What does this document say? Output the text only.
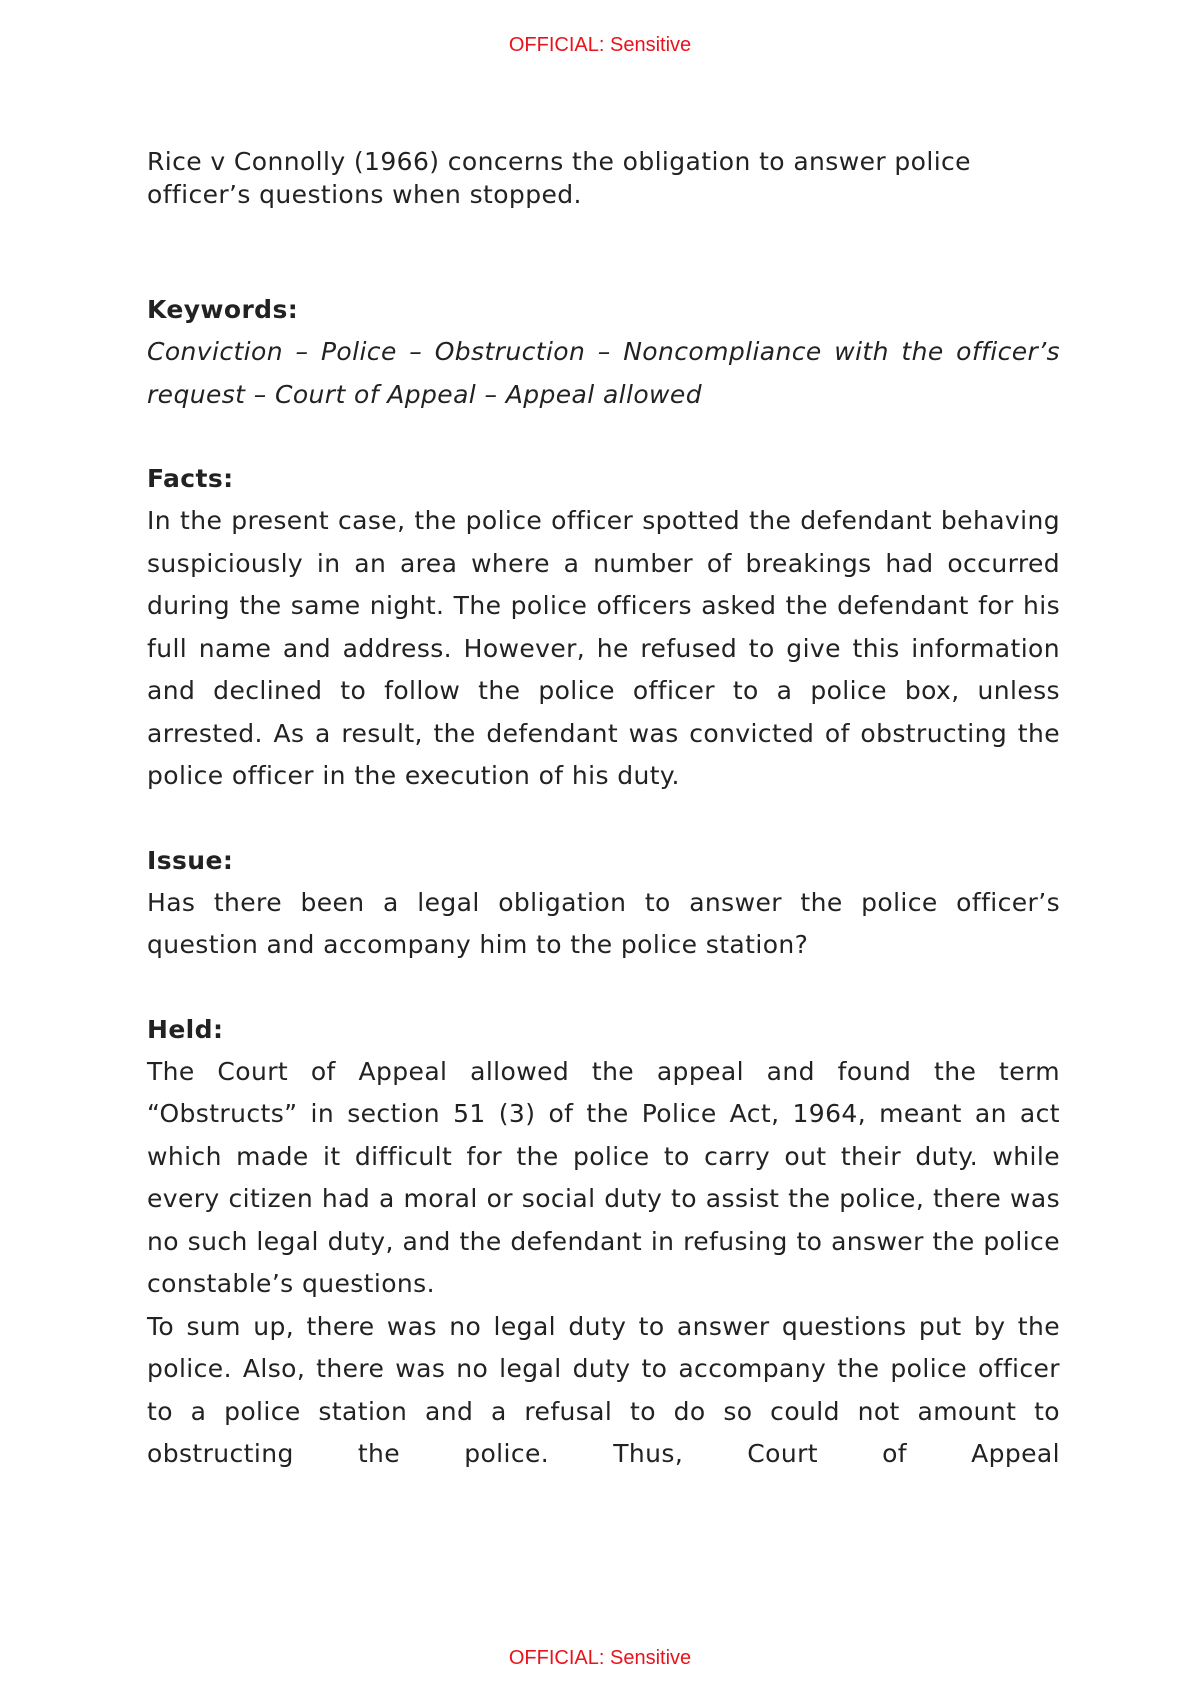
OFFICIAL: Sensitive

Rice v Connolly (1966) concerns the obligation to answer police officer’s questions when stopped.

Keywords:

Conviction – Police – Obstruction – Noncompliance with the officer’s request – Court of Appeal – Appeal allowed

Facts:

In the present case, the police officer spotted the defendant behaving suspiciously in an area where a number of breakings had occurred during the same night. The police officers asked the defendant for his full name and address. However, he refused to give this information and declined to follow the police officer to a police box, unless arrested. As a result, the defendant was convicted of obstructing the police officer in the execution of his duty.

Issue:

Has there been a legal obligation to answer the police officer’s question and accompany him to the police station?

Held:

The Court of Appeal allowed the appeal and found the term “Obstructs” in section 51 (3) of the Police Act, 1964, meant an act which made it difficult for the police to carry out their duty. while every citizen had a moral or social duty to assist the police, there was no such legal duty, and the defendant in refusing to answer the police constable’s questions.

To sum up, there was no legal duty to answer questions put by the police. Also, there was no legal duty to accompany the police officer to a police station and a refusal to do so could not amount to obstructing the police. Thus, Court of Appeal

OFFICIAL: Sensitive
